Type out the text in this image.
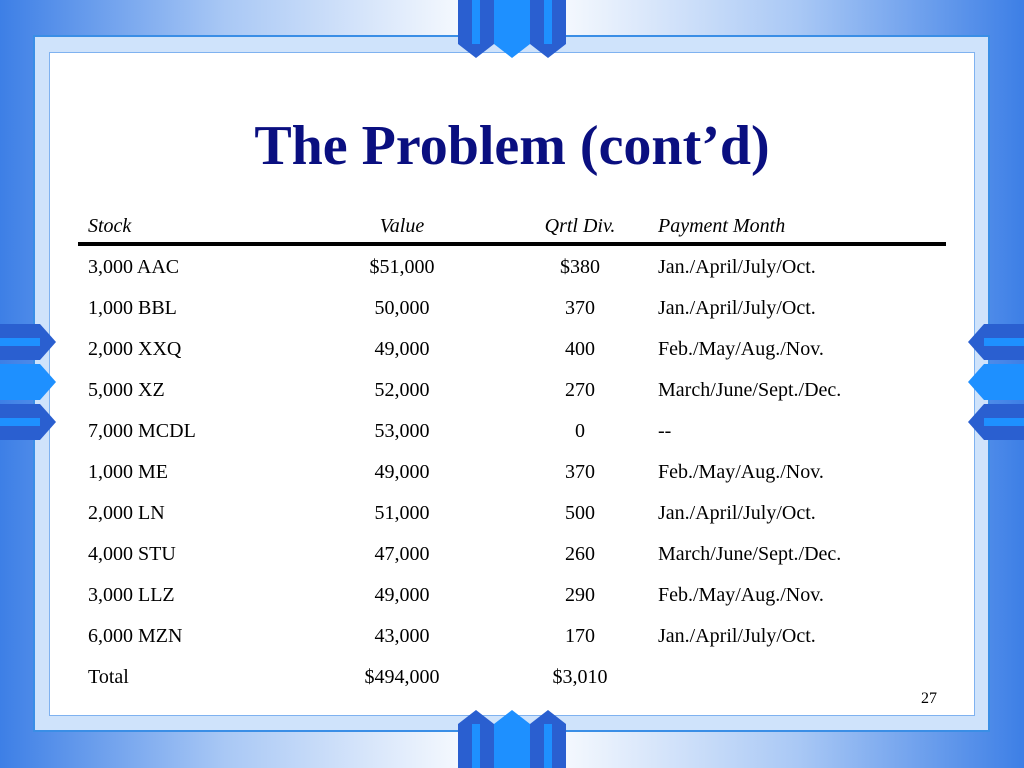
The Problem (cont’d)
Stock	Value	Qrtl Div.	Payment Month
3,000 AAC	$51,000	$380	Jan./April/July/Oct.
1,000 BBL	50,000	370	Jan./April/July/Oct.
2,000 XXQ	49,000	400	Feb./May/Aug./Nov.
5,000 XZ	52,000	270	March/June/Sept./Dec.
7,000 MCDL	53,000	0	--
1,000 ME	49,000	370	Feb./May/Aug./Nov.
2,000 LN	51,000	500	Jan./April/July/Oct.
4,000 STU	47,000	260	March/June/Sept./Dec.
3,000 LLZ	49,000	290	Feb./May/Aug./Nov.
6,000 MZN	43,000	170	Jan./April/July/Oct.
Total	$494,000	$3,010
27
